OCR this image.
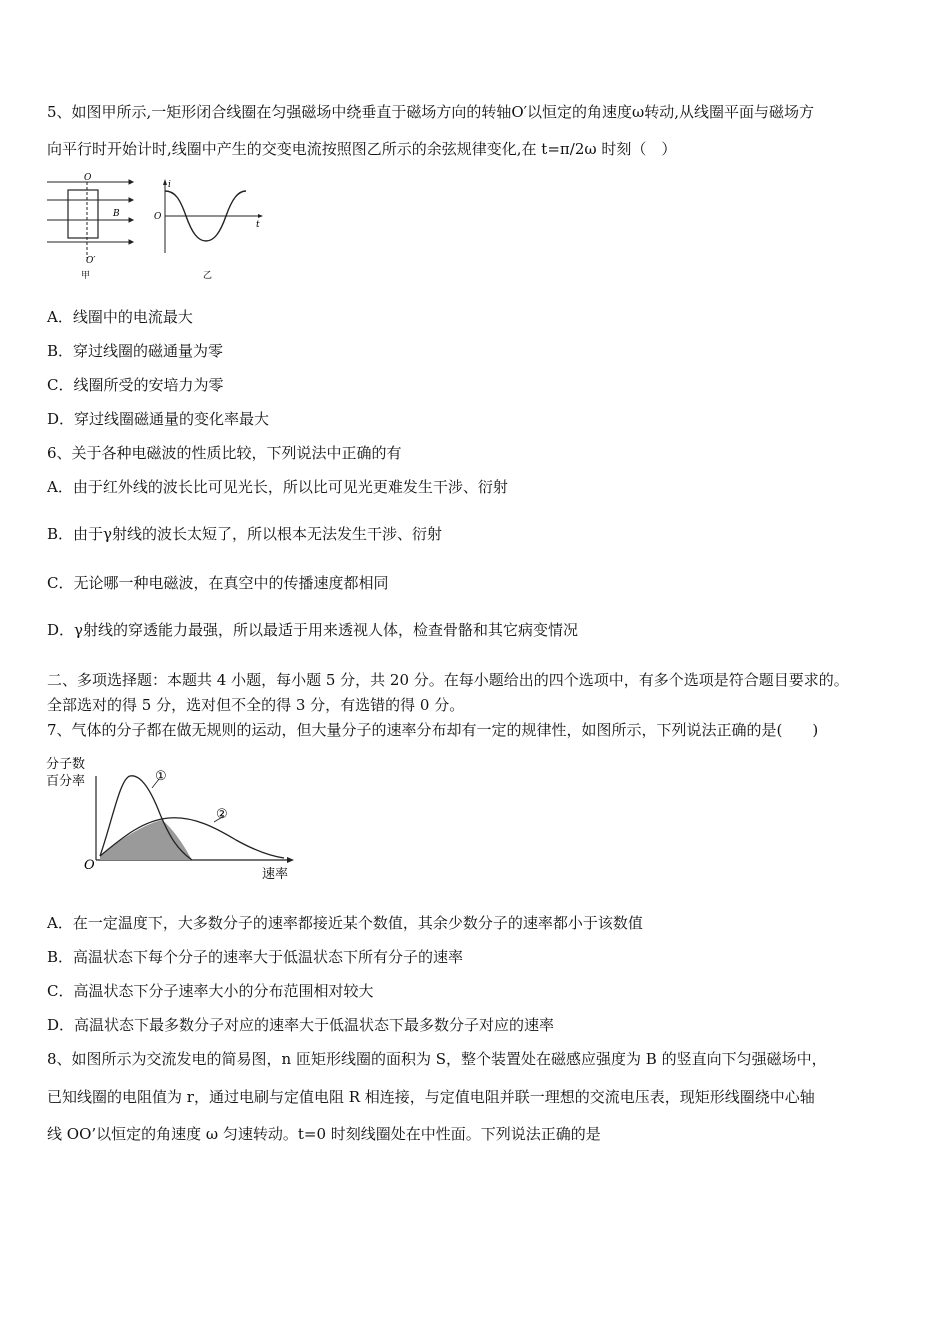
5、如图甲所示,一矩形闭合线圈在匀强磁场中绕垂直于磁场方向的转轴O′以恒定的角速度ω转动,从线圈平面与磁场方
向平行时开始计时,线圈中产生的交变电流按照图乙所示的余弦规律变化,在 t=π/2ω 时刻（　）
O
B
O′
甲
i
t
O
乙
A．线圈中的电流最大
B．穿过线圈的磁通量为零
C．线圈所受的安培力为零
D．穿过线圈磁通量的变化率最大
6、关于各种电磁波的性质比较，下列说法中正确的有
A．由于红外线的波长比可见光长，所以比可见光更难发生干涉、衍射
B．由于γ射线的波长太短了，所以根本无法发生干涉、衍射
C．无论哪一种电磁波，在真空中的传播速度都相同
D．γ射线的穿透能力最强，所以最适于用来透视人体，检查骨骼和其它病变情况
二、多项选择题：本题共 4 小题，每小题 5 分，共 20 分。在每小题给出的四个选项中，有多个选项是符合题目要求的。
全部选对的得 5 分，选对但不全的得 3 分，有选错的得 0 分。
7、气体的分子都在做无规则的运动，但大量分子的速率分布却有一定的规律性，如图所示，下列说法正确的是(　　)
分子数
百分率
O
速率
①
②
A．在一定温度下，大多数分子的速率都接近某个数值，其余少数分子的速率都小于该数值
B．高温状态下每个分子的速率大于低温状态下所有分子的速率
C．高温状态下分子速率大小的分布范围相对较大
D．高温状态下最多数分子对应的速率大于低温状态下最多数分子对应的速率
8、如图所示为交流发电的简易图，n 匝矩形线圈的面积为 S，整个装置处在磁感应强度为 B 的竖直向下匀强磁场中，
已知线圈的电阻值为 r，通过电刷与定值电阻 R 相连接，与定值电阻并联一理想的交流电压表，现矩形线圈绕中心轴
线 OO’以恒定的角速度 ω 匀速转动。t=0 时刻线圈处在中性面。下列说法正确的是
